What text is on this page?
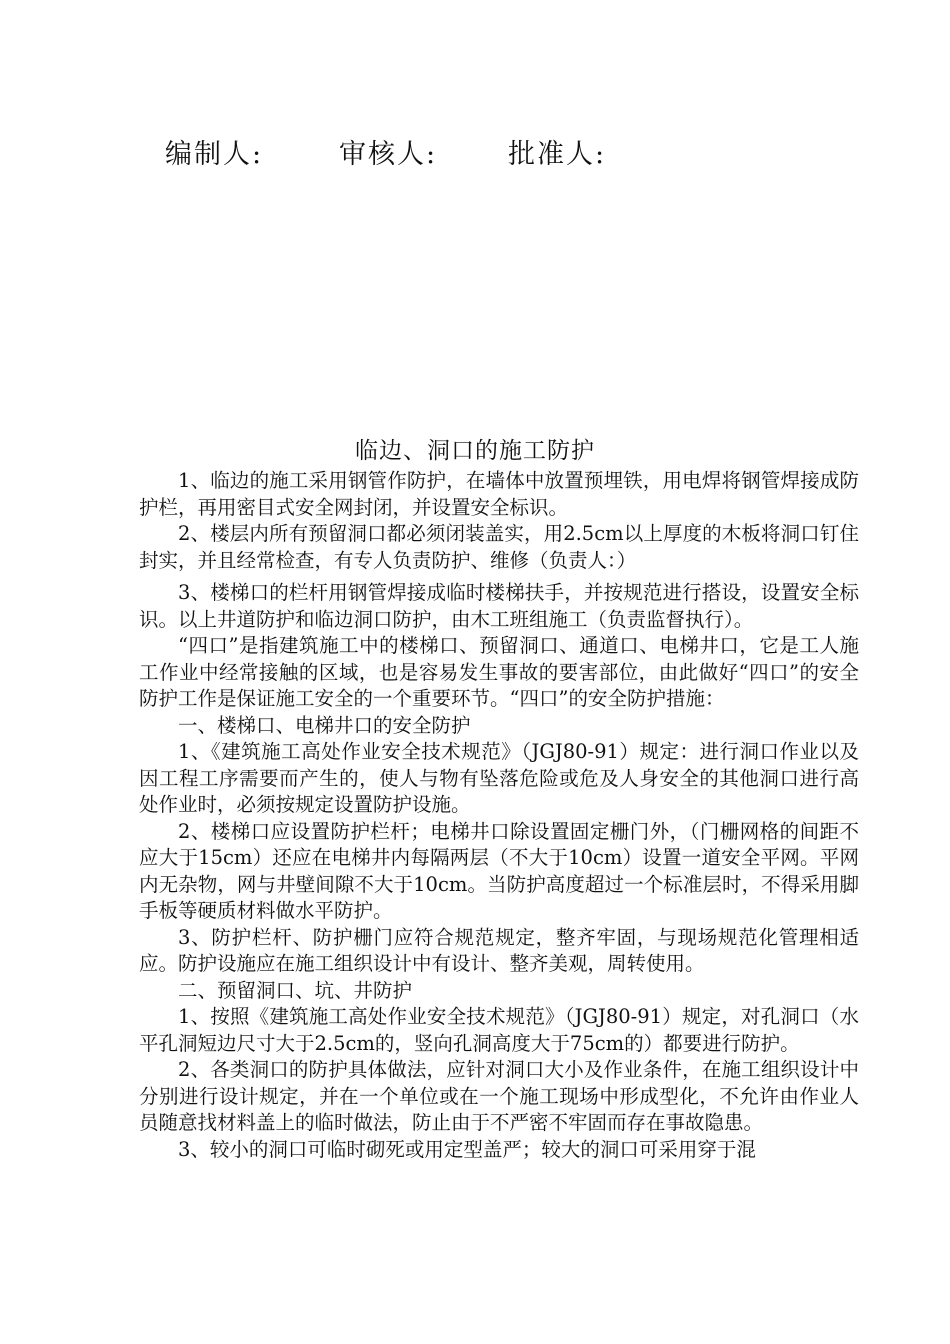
编制人:	审核人:	批准人:
临边、洞口的施工防护

1、临边的施工采用钢管作防护，在墙体中放置预埋铁，用电焊将钢管焊接成防护栏，再用密目式安全网封闭，并设置安全标识。

2、楼层内所有预留洞口都必须闭装盖实，用2.5cm以上厚度的木板将洞口钉住封实，并且经常检查，有专人负责防护、维修（负责人：）

3、楼梯口的栏杆用钢管焊接成临时楼梯扶手，并按规范进行搭设，设置安全标识。以上井道防护和临边洞口防护，由木工班组施工（负责监督执行）。

“四口”是指建筑施工中的楼梯口、预留洞口、通道口、电梯井口，它是工人施工作业中经常接触的区域，也是容易发生事故的要害部位，由此做好“四口”的安全防护工作是保证施工安全的一个重要环节。“四口”的安全防护措施：

一、楼梯口、电梯井口的安全防护

1、《建筑施工高处作业安全技术规范》（JGJ80-91）规定：进行洞口作业以及因工程工序需要而产生的，使人与物有坠落危险或危及人身安全的其他洞口进行高处作业时，必须按规定设置防护设施。

2、楼梯口应设置防护栏杆；电梯井口除设置固定栅门外，（门栅网格的间距不应大于15cm）还应在电梯井内每隔两层（不大于10cm）设置一道安全平网。平网内无杂物，网与井壁间隙不大于10cm。当防护高度超过一个标准层时，不得采用脚手板等硬质材料做水平防护。

3、防护栏杆、防护栅门应符合规范规定，整齐牢固，与现场规范化管理相适应。防护设施应在施工组织设计中有设计、整齐美观，周转使用。

二、预留洞口、坑、井防护

1、按照《建筑施工高处作业安全技术规范》（JGJ80-91）规定，对孔洞口（水平孔洞短边尺寸大于2.5cm的，竖向孔洞高度大于75cm的）都要进行防护。

2、各类洞口的防护具体做法，应针对洞口大小及作业条件，在施工组织设计中分别进行设计规定，并在一个单位或在一个施工现场中形成型化，不允许由作业人员随意找材料盖上的临时做法，防止由于不严密不牢固而存在事故隐患。

3、较小的洞口可临时砌死或用定型盖严；较大的洞口可采用穿于混
